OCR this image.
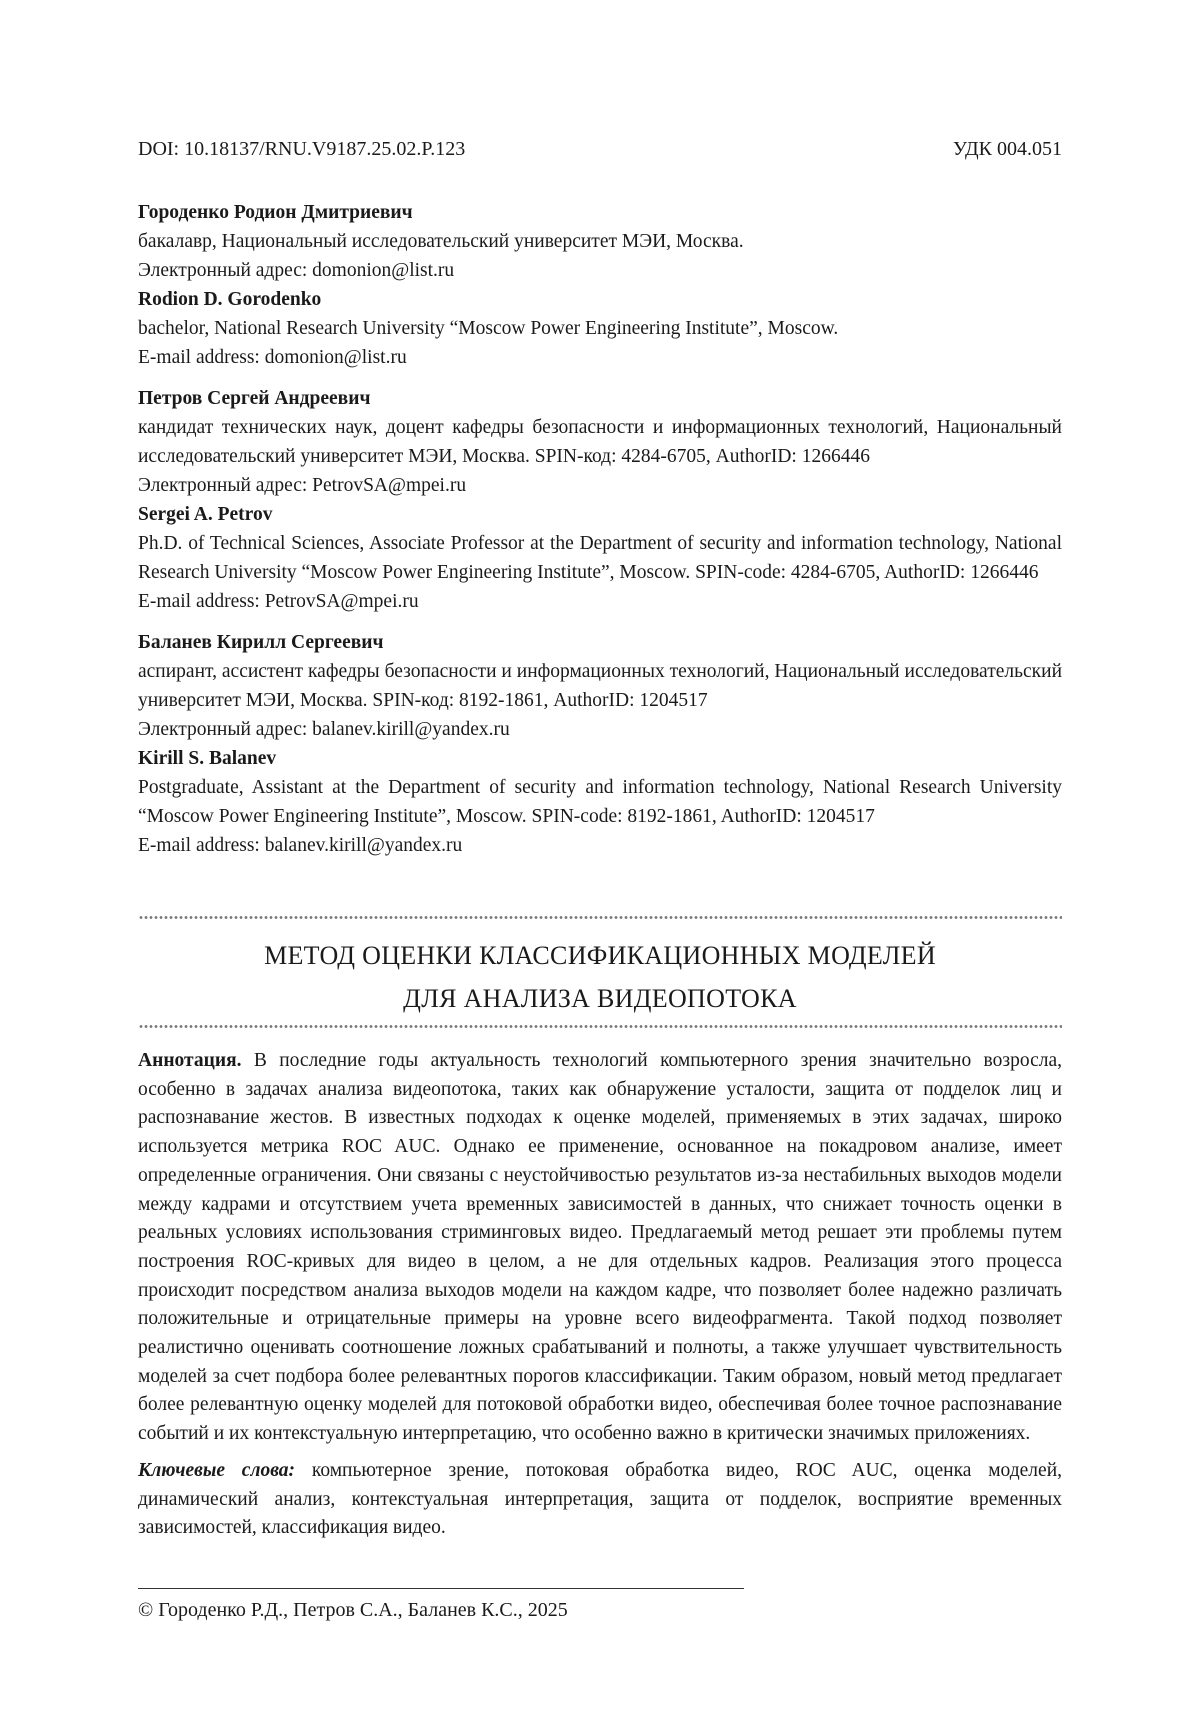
DOI: 10.18137/RNU.V9187.25.02.P.123	УДК 004.051

Городенко Родион Дмитриевич

бакалавр, Национальный исследовательский университет МЭИ, Москва.

Электронный адрес: domonion@list.ru

Rodion D. Gorodenko

bachelor, National Research University “Moscow Power Engineering Institute”, Moscow.

E-mail address: domonion@list.ru

Петров Сергей Андреевич

кандидат технических наук, доцент кафедры безопасности и информационных технологий, Национальный исследовательский университет МЭИ, Москва. SPIN-код: 4284-6705, AuthorID: 1266446

Электронный адрес: PetrovSA@mpei.ru

Sergei A. Petrov

Ph.D. of Technical Sciences, Associate Professor at the Department of security and information technology, National Research University “Moscow Power Engineering Institute”, Moscow. SPIN-code: 4284-6705, AuthorID: 1266446

E-mail address: PetrovSA@mpei.ru

Баланев Кирилл Сергеевич

аспирант, ассистент кафедры безопасности и информационных технологий, Национальный исследовательский университет МЭИ, Москва. SPIN-код: 8192-1861, AuthorID: 1204517

Электронный адрес: balanev.kirill@yandex.ru

Kirill S. Balanev

Postgraduate, Assistant at the Department of security and information technology, National Research University “Moscow Power Engineering Institute”, Moscow. SPIN-code: 8192-1861, AuthorID: 1204517

E-mail address: balanev.kirill@yandex.ru

МЕТОД ОЦЕНКИ КЛАССИФИКАЦИОННЫХ МОДЕЛЕЙ
ДЛЯ АНАЛИЗА ВИДЕОПОТОКА

Аннотация. В последние годы актуальность технологий компьютерного зрения значительно возросла, особенно в задачах анализа видеопотока, таких как обнаружение усталости, защита от подделок лиц и распознавание жестов. В известных подходах к оценке моделей, применяемых в этих задачах, широко используется метрика ROC AUC. Однако ее применение, основанное на покадровом анализе, имеет определенные ограничения. Они связаны с неустойчивостью результатов из-за нестабильных выходов модели между кадрами и отсутствием учета временных зависимостей в данных, что снижает точность оценки в реальных условиях использования стриминговых видео. Предлагаемый метод решает эти проблемы путем построения ROC-кривых для видео в целом, а не для отдельных кадров. Реализация этого процесса происходит посредством анализа выходов модели на каждом кадре, что позволяет более надежно различать положительные и отрицательные примеры на уровне всего видеофрагмента. Такой подход позволяет реалистично оценивать соотношение ложных срабатываний и полноты, а также улучшает чувствительность моделей за счет подбора более релевантных порогов классификации. Таким образом, новый метод предлагает более релевантную оценку моделей для потоковой обработки видео, обеспечивая более точное распознавание событий и их контекстуальную интерпретацию, что особенно важно в критически значимых приложениях.

Ключевые слова: компьютерное зрение, потоковая обработка видео, ROC AUC, оценка моделей, динамический анализ, контекстуальная интерпретация, защита от подделок, восприятие временных зависимостей, классификация видео.

© Городенко Р.Д., Петров С.А., Баланев К.С., 2025
